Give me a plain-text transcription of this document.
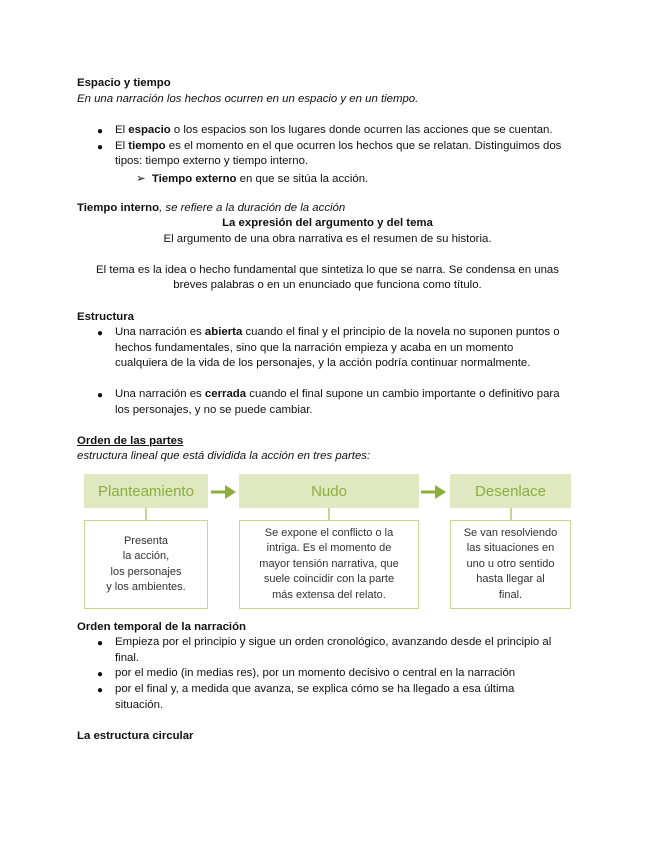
Espacio y tiempo
En una narración los hechos ocurren en un espacio y en un tiempo.
● El espacio o los espacios son los lugares donde ocurren las acciones que se cuentan.
● El tiempo es el momento en el que ocurren los hechos que se relatan. Distinguimos dos
tipos: tiempo externo y tiempo interno.
➢ Tiempo externo en que se sitúa la acción.
Tiempo interno, se refiere a la duración de la acción
La expresión del argumento y del tema
El argumento de una obra narrativa es el resumen de su historia.
El tema es la idea o hecho fundamental que sintetiza lo que se narra. Se condensa en unas
breves palabras o en un enunciado que funciona como título.
Estructura
● Una narración es abierta cuando el final y el principio de la novela no suponen puntos o
hechos fundamentales, sino que la narración empieza y acaba en un momento
cualquiera de la vida de los personajes, y la acción podría continuar normalmente.
● Una narración es cerrada cuando el final supone un cambio importante o definitivo para
los personajes, y no se puede cambiar.
Orden de las partes
estructura lineal que está dividida la acción en tres partes:
Planteamiento	Nudo	Desenlace
Presenta
la acción,
los personajes
y los ambientes.
Se expone el conflicto o la
intriga. Es el momento de
mayor tensión narrativa, que
suele coincidir con la parte
más extensa del relato.
Se van resolviendo
las situaciones en
uno u otro sentido
hasta llegar al
final.
Orden temporal de la narración
● Empieza por el principio y sigue un orden cronológico, avanzando desde el principio al
final.
● por el medio (in medias res), por un momento decisivo o central en la narración
● por el final y, a medida que avanza, se explica cómo se ha llegado a esa última
situación.
La estructura circular
